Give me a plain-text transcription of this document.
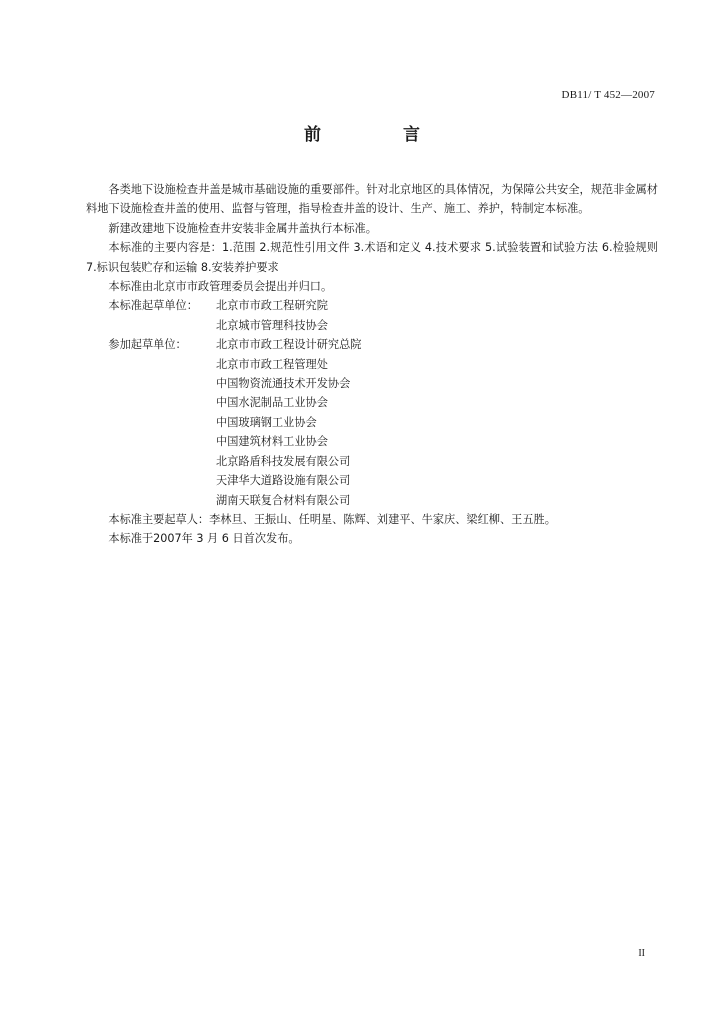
DB11/ T 452—2007
前 言

各类地下设施检查井盖是城市基础设施的重要部件。针对北京地区的具体情况，为保障公共安全，规范非金属材料地下设施检查井盖的使用、监督与管理，指导检查井盖的设计、生产、施工、养护，特制定本标准。

新建改建地下设施检查井安装非金属井盖执行本标准。

本标准的主要内容是：1.范围 2.规范性引用文件 3.术语和定义 4.技术要求 5.试验装置和试验方法 6.检验规则 7.标识包装贮存和运输 8.安装养护要求

本标准由北京市市政管理委员会提出并归口。

本标准起草单位：	北京市市政工程研究院
北京城市管理科技协会
参加起草单位：	北京市市政工程设计研究总院
北京市市政工程管理处
中国物资流通技术开发协会
中国水泥制品工业协会
中国玻璃钢工业协会
中国建筑材料工业协会
北京路盾科技发展有限公司
天津华大道路设施有限公司
湖南天联复合材料有限公司

本标准主要起草人：李林旦、王振山、任明星、陈辉、刘建平、牛家庆、梁红柳、王五胜。

本标准于2007年 3 月 6 日首次发布。

II
